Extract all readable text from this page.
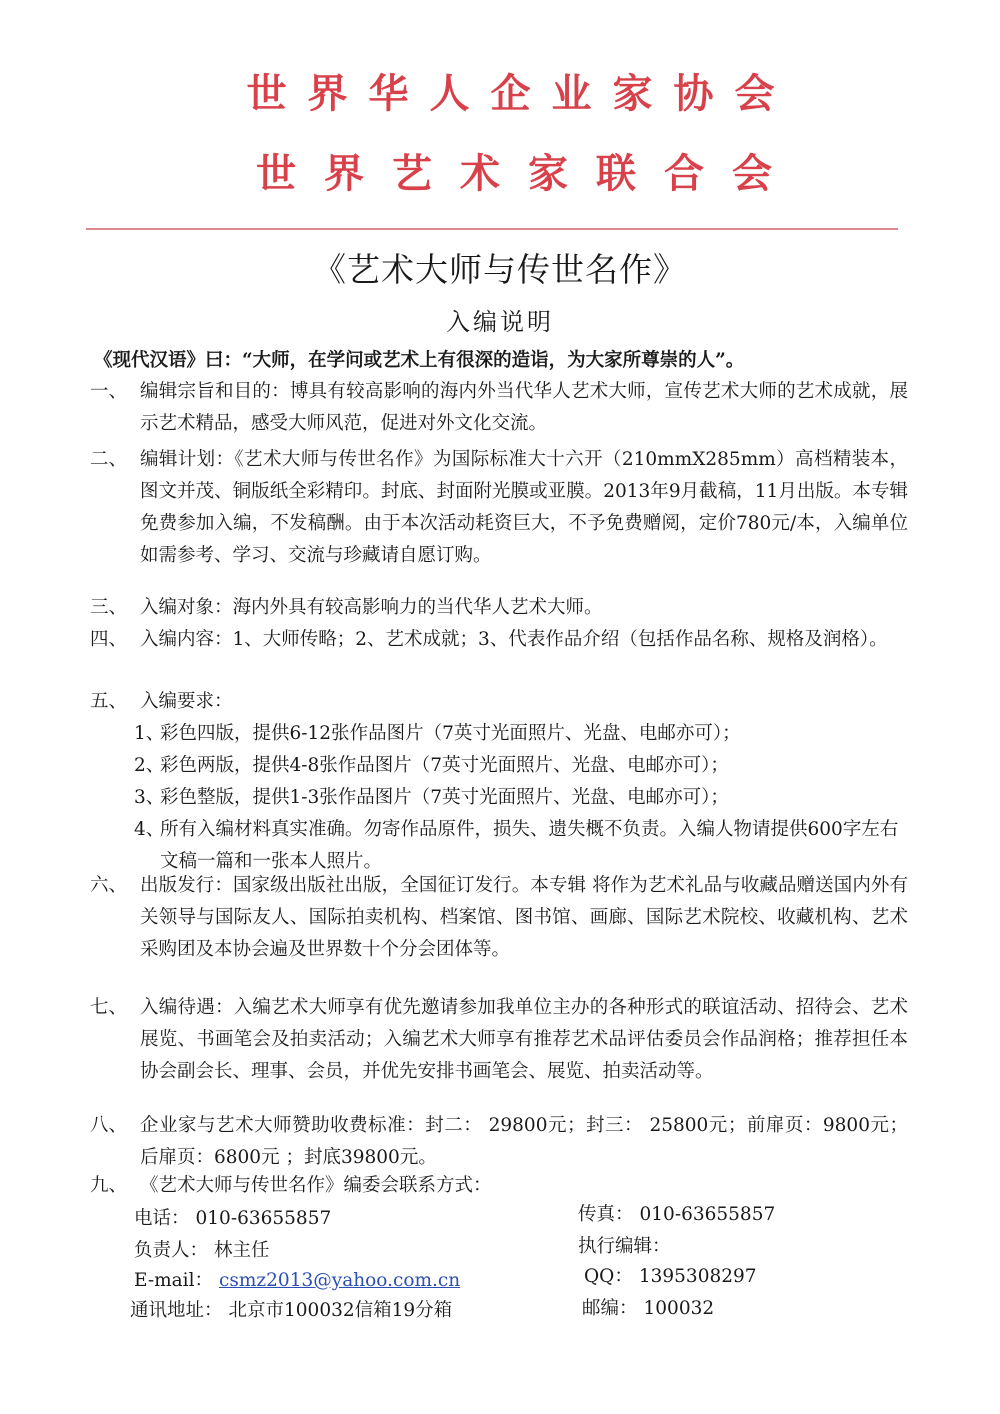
世界华人企业家协会
世界艺术家联合会
《艺术大师与传世名作》
入编说明
《现代汉语》曰：“大师，在学问或艺术上有很深的造诣，为大家所尊崇的人”。
一、 编辑宗旨和目的：博具有较高影响的海内外当代华人艺术大师，宣传艺术大师的艺术成就，展示艺术精品，感受大师风范，促进对外文化交流。
二、 编辑计划：《艺术大师与传世名作》为国际标准大十六开（210mmX285mm）高档精装本，图文并茂、铜版纸全彩精印。封底、封面附光膜或亚膜。2013年9月截稿，11月出版。本专辑免费参加入编，不发稿酬。由于本次活动耗资巨大，不予免费赠阅，定价780元/本，入编单位如需参考、学习、交流与珍藏请自愿订购。
三、 入编对象：海内外具有较高影响力的当代华人艺术大师。
四、 入编内容：1、大师传略；2、艺术成就；3、代表作品介绍（包括作品名称、规格及润格）。
五、 入编要求：
1、
彩色四版，提供6-12张作品图片（7英寸光面照片、光盘、电邮亦可）；
2、
彩色两版，提供4-8张作品图片（7英寸光面照片、光盘、电邮亦可）；
3、
彩色整版，提供1-3张作品图片（7英寸光面照片、光盘、电邮亦可）；
4、
所有入编材料真实准确。勿寄作品原件，损失、遗失概不负责。入编人物请提供600字左右文稿一篇和一张本人照片。
六、 出版发行：国家级出版社出版，全国征订发行。本专辑 将作为艺术礼品与收藏品赠送国内外有关领导与国际友人、国际拍卖机构、档案馆、图书馆、画廊、国际艺术院校、收藏机构、艺术采购团及本协会遍及世界数十个分会团体等。
七、 入编待遇：入编艺术大师享有优先邀请参加我单位主办的各种形式的联谊活动、招待会、艺术展览、书画笔会及拍卖活动；入编艺术大师享有推荐艺术品评估委员会作品润格；推荐担任本协会副会长、理事、会员，并优先安排书画笔会、展览、拍卖活动等。
八、 企业家与艺术大师赞助收费标准：封二： 29800元；封三： 25800元；前扉页：9800元；后扉页：6800元 ；封底39800元。
九、 《艺术大师与传世名作》编委会联系方式：
电话： 010-63655857
负责人： 林主任
E-mail： csmz2013@yahoo.com.cn
通讯地址： 北京市100032信箱19分箱
传真： 010-63655857
执行编辑：
QQ： 1395308297
邮编： 100032
